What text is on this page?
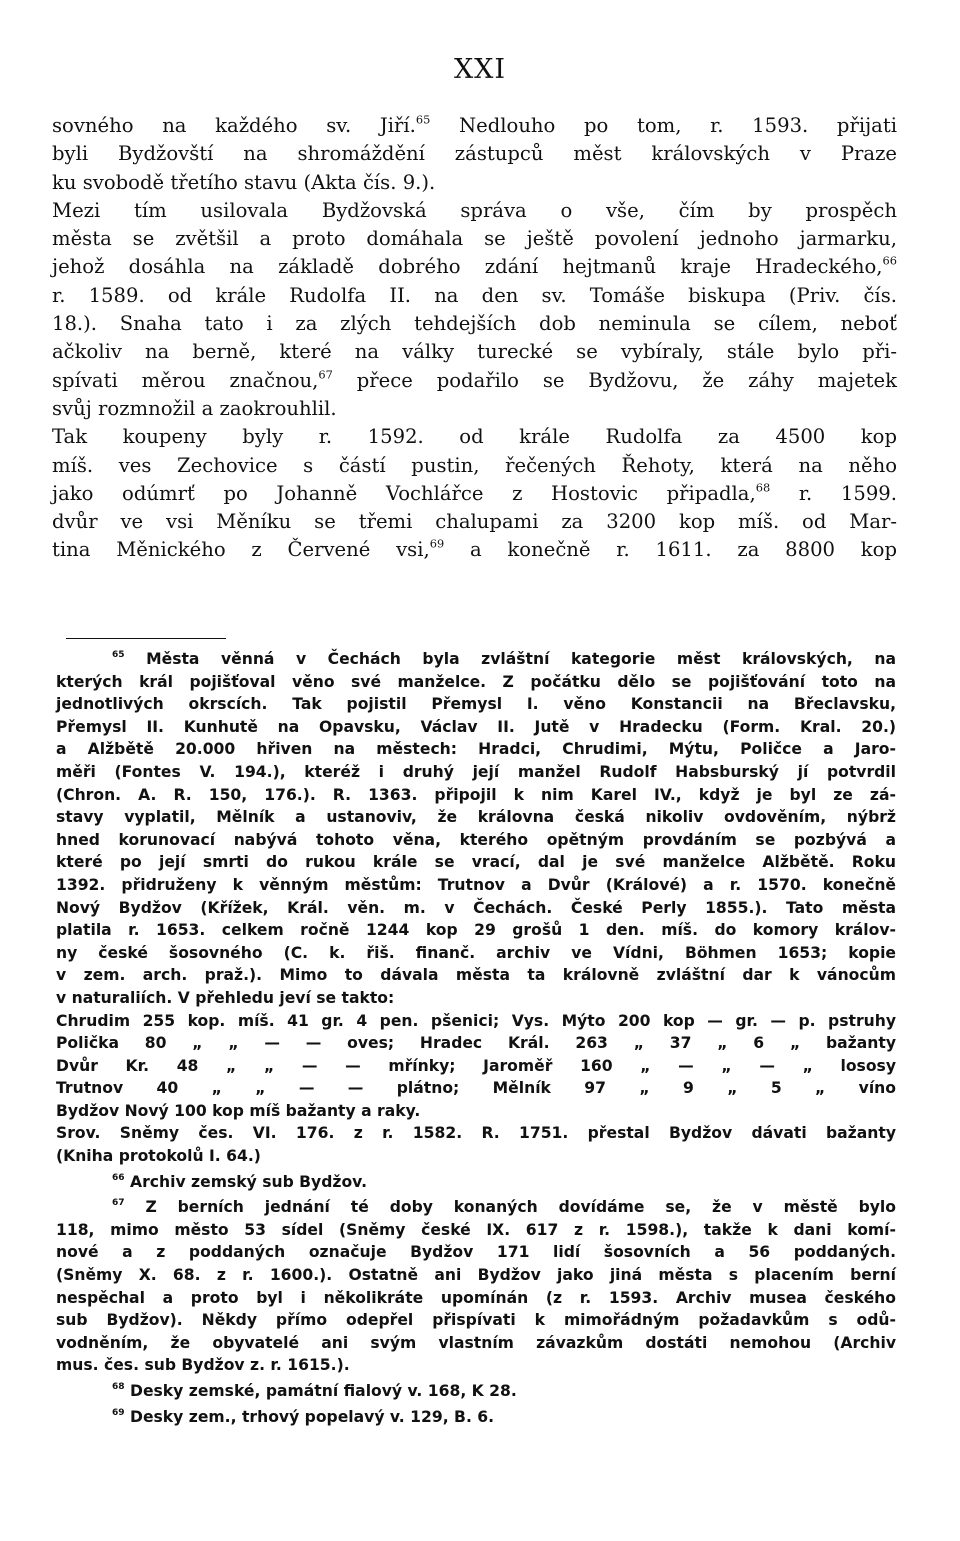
XXI
sovného na každého sv. Jiří.$^{65}$ Nedlouho po tom, r. 1593. přijati
byli Bydžovští na shromáždění zástupců měst královských v Praze
ku svobodě třetího stavu (Akta čís. 9.).
Mezi tím usilovala Bydžovská správa o vše, čím by prospěch
města se zvětšil a proto domáhala se ještě povolení jednoho jarmarku,
jehož dosáhla na základě dobrého zdání hejtmanů kraje Hradeckého,$^{66}$
r. 1589. od krále Rudolfa II. na den sv. Tomáše biskupa (Priv. čís.
18.). Snaha tato i za zlých tehdejších dob neminula se cílem, neboť
ačkoliv na berně, které na války turecké se vybíraly, stále bylo při-
spívati měrou značnou,$^{67}$ přece podařilo se Bydžovu, že záhy majetek
svůj rozmnožil a zaokrouhlil.
Tak koupeny byly r. 1592. od krále Rudolfa za 4500 kop
míš. ves Zechovice s částí pustin, řečených Řehoty, která na něho
jako odúmrť po Johanně Vochlářce z Hostovic připadla,$^{68}$ r. 1599.
dvůr ve vsi Měníku se třemi chalupami za 3200 kop míš. od Mar-
tina Měnického z Červené vsi,$^{69}$ a konečně r. 1611. za 8800 kop
$^{65}$ Města věnná v Čechách byla zvláštní kategorie měst královských, na
kterých král pojišťoval věno své manželce. Z počátku dělo se pojišťování toto na
jednotlivých okrscích. Tak pojistil Přemysl I. věno Konstancii na Břeclavsku,
Přemysl II. Kunhutě na Opavsku, Václav II. Jutě v Hradecku (Form. Kral. 20.)
a Alžbětě 20.000 hřiven na městech: Hradci, Chrudimi, Mýtu, Poličce a Jaro-
měři (Fontes V. 194.), kteréž i druhý její manžel Rudolf Habsburský jí potvrdil
(Chron. A. R. 150, 176.). R. 1363. připojil k nim Karel IV., když je byl ze zá-
stavy vyplatil, Mělník a ustanoviv, že královna česká nikoliv ovdověním, nýbrž
hned korunovací nabývá tohoto věna, kterého opětným provdáním se pozbývá a
které po její smrti do rukou krále se vrací, dal je své manželce Alžbětě. Roku
1392. přidruženy k věnným městům: Trutnov a Dvůr (Králové) a r. 1570. konečně
Nový Bydžov (Křížek, Král. věn. m. v Čechách. České Perly 1855.). Tato města
platila r. 1653. celkem ročně 1244 kop 29 grošů 1 den. míš. do komory králov-
ny české šosovného (C. k. řiš. finanč. archiv ve Vídni, Böhmen 1653; kopie
v zem. arch. praž.). Mimo to dávala města ta královně zvláštní dar k vánocům
v naturaliích. V přehledu jeví se takto:
Chrudim 255 kop. míš. 41 gr. 4 pen. pšenici; Vys. Mýto 200 kop — gr. — p. pstruhy
Polička 80 „ „ — — oves; Hradec Král. 263 „ 37 „ 6 „ bažanty
Dvůr Kr. 48 „ „ — — mřínky; Jaroměř 160 „ — „ — „ lososy
Trutnov 40 „ „ — — plátno; Mělník 97 „ 9 „ 5 „ víno
Bydžov Nový 100 kop míš bažanty a raky.
Srov. Sněmy čes. VI. 176. z r. 1582. R. 1751. přestal Bydžov dávati bažanty
(Kniha protokolů I. 64.)
$^{66}$ Archiv zemský sub Bydžov.
$^{67}$ Z berních jednání té doby konaných dovídáme se, že v městě bylo
118, mimo město 53 sídel (Sněmy české IX. 617 z r. 1598.), takže k dani komí-
nové a z poddaných označuje Bydžov 171 lidí šosovních a 56 poddaných.
(Sněmy X. 68. z r. 1600.). Ostatně ani Bydžov jako jiná města s placením berní
nespěchal a proto byl i několikráte upomínán (z r. 1593. Archiv musea českého
sub Bydžov). Někdy přímo odepřel přispívati k mimořádným požadavkům s odů-
vodněním, že obyvatelé ani svým vlastním závazkům dostáti nemohou (Archiv
mus. čes. sub Bydžov z. r. 1615.).
$^{68}$ Desky zemské, památní fialový v. 168, K 28.
$^{69}$ Desky zem., trhový popelavý v. 129, B. 6.
